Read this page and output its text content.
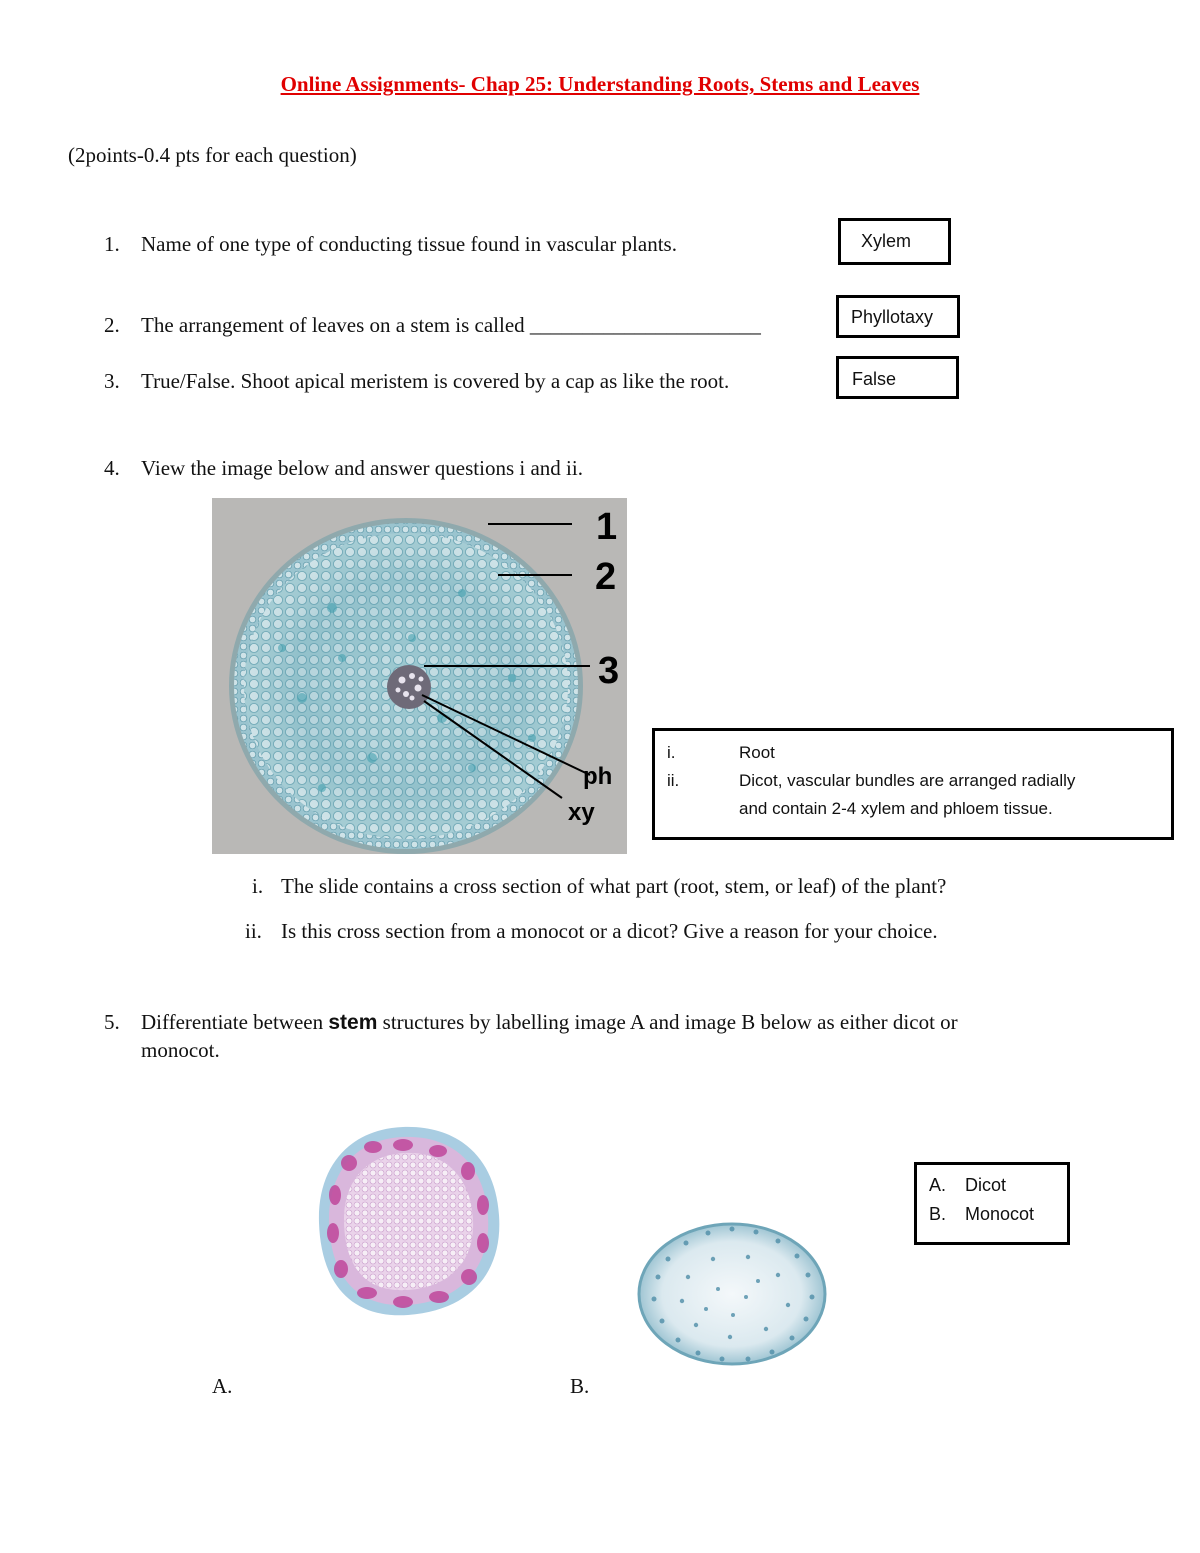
Online Assignments- Chap 25: Understanding Roots, Stems and Leaves
(2points-0.4 pts for each question)
1. Name of one type of conducting tissue found in vascular plants.	Xylem
2. The arrangement of leaves on a stem is called ______________________	Phyllotaxy
3. True/False. Shoot apical meristem is covered by a cap as like the root.	False
4. View the image below and answer questions i and ii.
1
2
3
ph
xy
i.	Root
ii.	Dicot, vascular bundles are arranged radially
and contain 2-4 xylem and phloem tissue.
i. The slide contains a cross section of what part (root, stem, or leaf) of the plant?
ii. Is this cross section from a monocot or a dicot? Give a reason for your choice.
5. Differentiate between stem structures by labelling image A and image B below as either dicot or
monocot.
A.	B.
A. Dicot
B. Monocot
